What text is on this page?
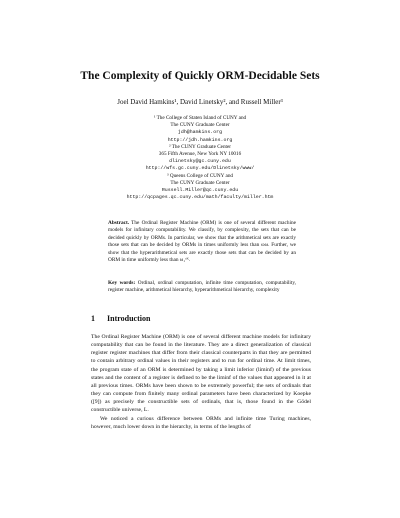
The Complexity of Quickly ORM-Decidable Sets
Joel David Hamkins¹, David Linetsky², and Russell Miller³
¹ The College of Staten Island of CUNY and
The CUNY Graduate Center
jdh@hamkins.org
http://jdh.hamkins.org
² The CUNY Graduate Center
365 Fifth Avenue, New York NY 10016
dlinetsky@gc.cuny.edu
http://wfs.gc.cuny.edu/Dlinetsky/www/
³ Queens College of CUNY and
The CUNY Graduate Center
Russell.Miller@qc.cuny.edu
http://qcpages.qc.cuny.edu/math/faculty/miller.htm
Abstract. The Ordinal Register Machine (ORM) is one of several different machine models for infinitary computability. We classify, by complexity, the sets that can be decided quickly by ORMs. In particular, we show that the arithmetical sets are exactly those sets that can be decided by ORMs in times uniformly less than ωω. Further, we show that the hyperarithmetical sets are exactly those sets that can be decided by an ORM in time uniformly less than ω₁ᶜᴷ.
Key words: Ordinal, ordinal computation, infinite time computation, computability, register machine, arithmetical hierarchy, hyperarithmetical hierarchy, complexity
1 Introduction

The Ordinal Register Machine (ORM) is one of several different machine models for infinitary computability that can be found in the literature. They are a direct generalization of classical register register machines that differ from their classical counterparts in that they are permitted to contain arbitrary ordinal values in their registers and to run for ordinal time. At limit times, the program state of an ORM is determined by taking a limit inferior (liminf) of the previous states and the content of a register is defined to be the liminf of the values that appeared in it at all previous times. ORMs have been shown to be extremely powerful; the sets of ordinals that they can compute from finitely many ordinal parameters have been characterized by Koepke ([9]) as precisely the constructible sets of ordinals, that is, those found in the Gödel constructible universe, L.

We noticed a curious difference between ORMs and infinite time Turing machines, however, much lower down in the hierarchy, in terms of the lengths of
